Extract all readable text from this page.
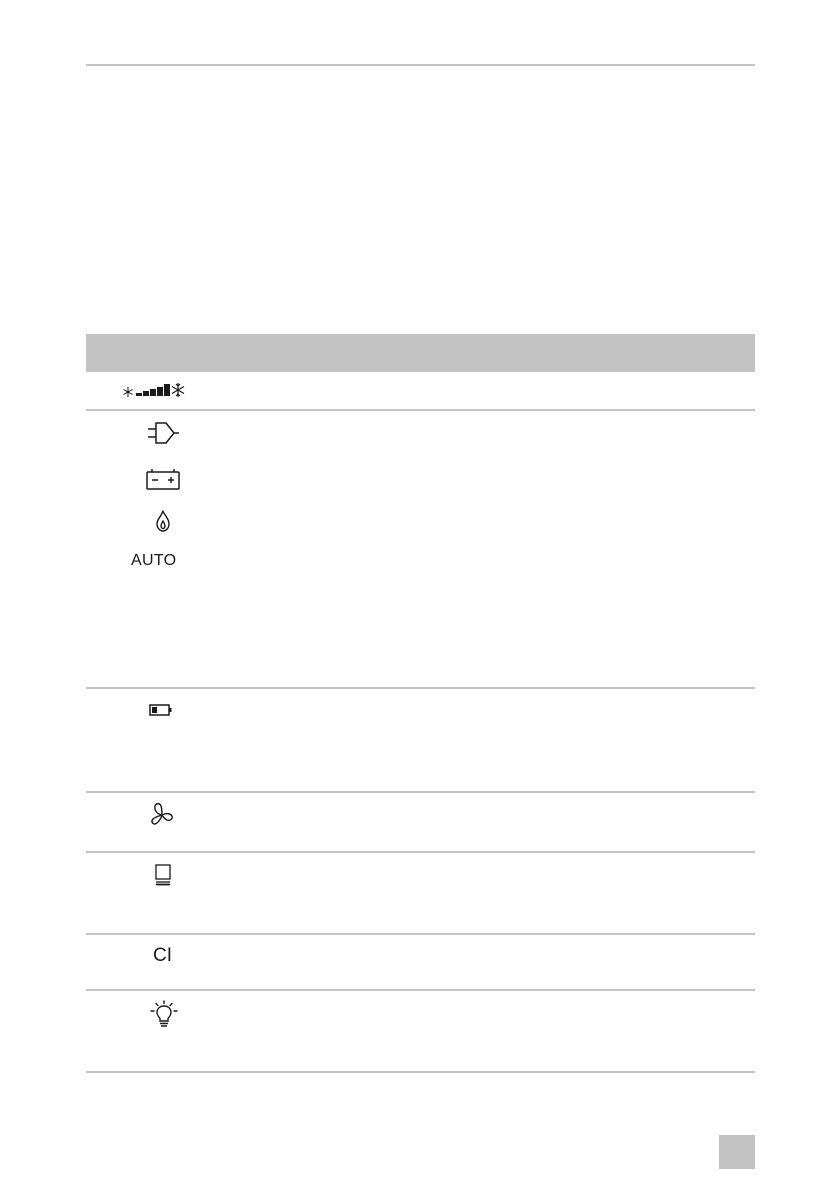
AUTO
CI
